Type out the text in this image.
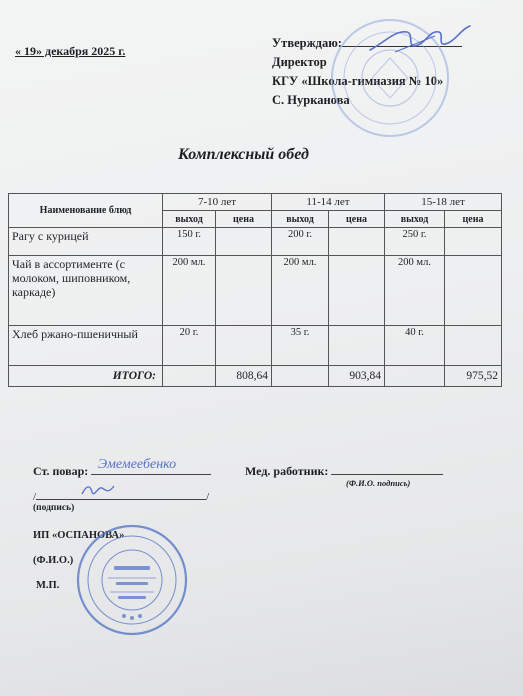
« 19» декабря 2025 г.
Утверждаю:
Директор
КГУ «Школа-гимназия № 10»
С. Нурканова
Комплексный обед
Наименование блюд	7-10 лет		11-14 лет		15-18 лет	
	выход	цена	выход	цена	выход	цена
Рагу с курицей	150 г.		200 г.		250 г.	
Чай в ассортименте (с молоком, шиповником, каркаде)	200 мл.		200 мл.		200 мл.	
Хлеб ржано-пшеничный	20 г.		35 г.		40 г.	
ИТОГО:		808,64		903,84		975,52
Ст. повар: Эмемеебенко	Мед. работник:
(Ф.И.О. подпись)
/	/
(подпись)
ИП «ОСПАНОВА»
(Ф.И.О.)
М.П.
